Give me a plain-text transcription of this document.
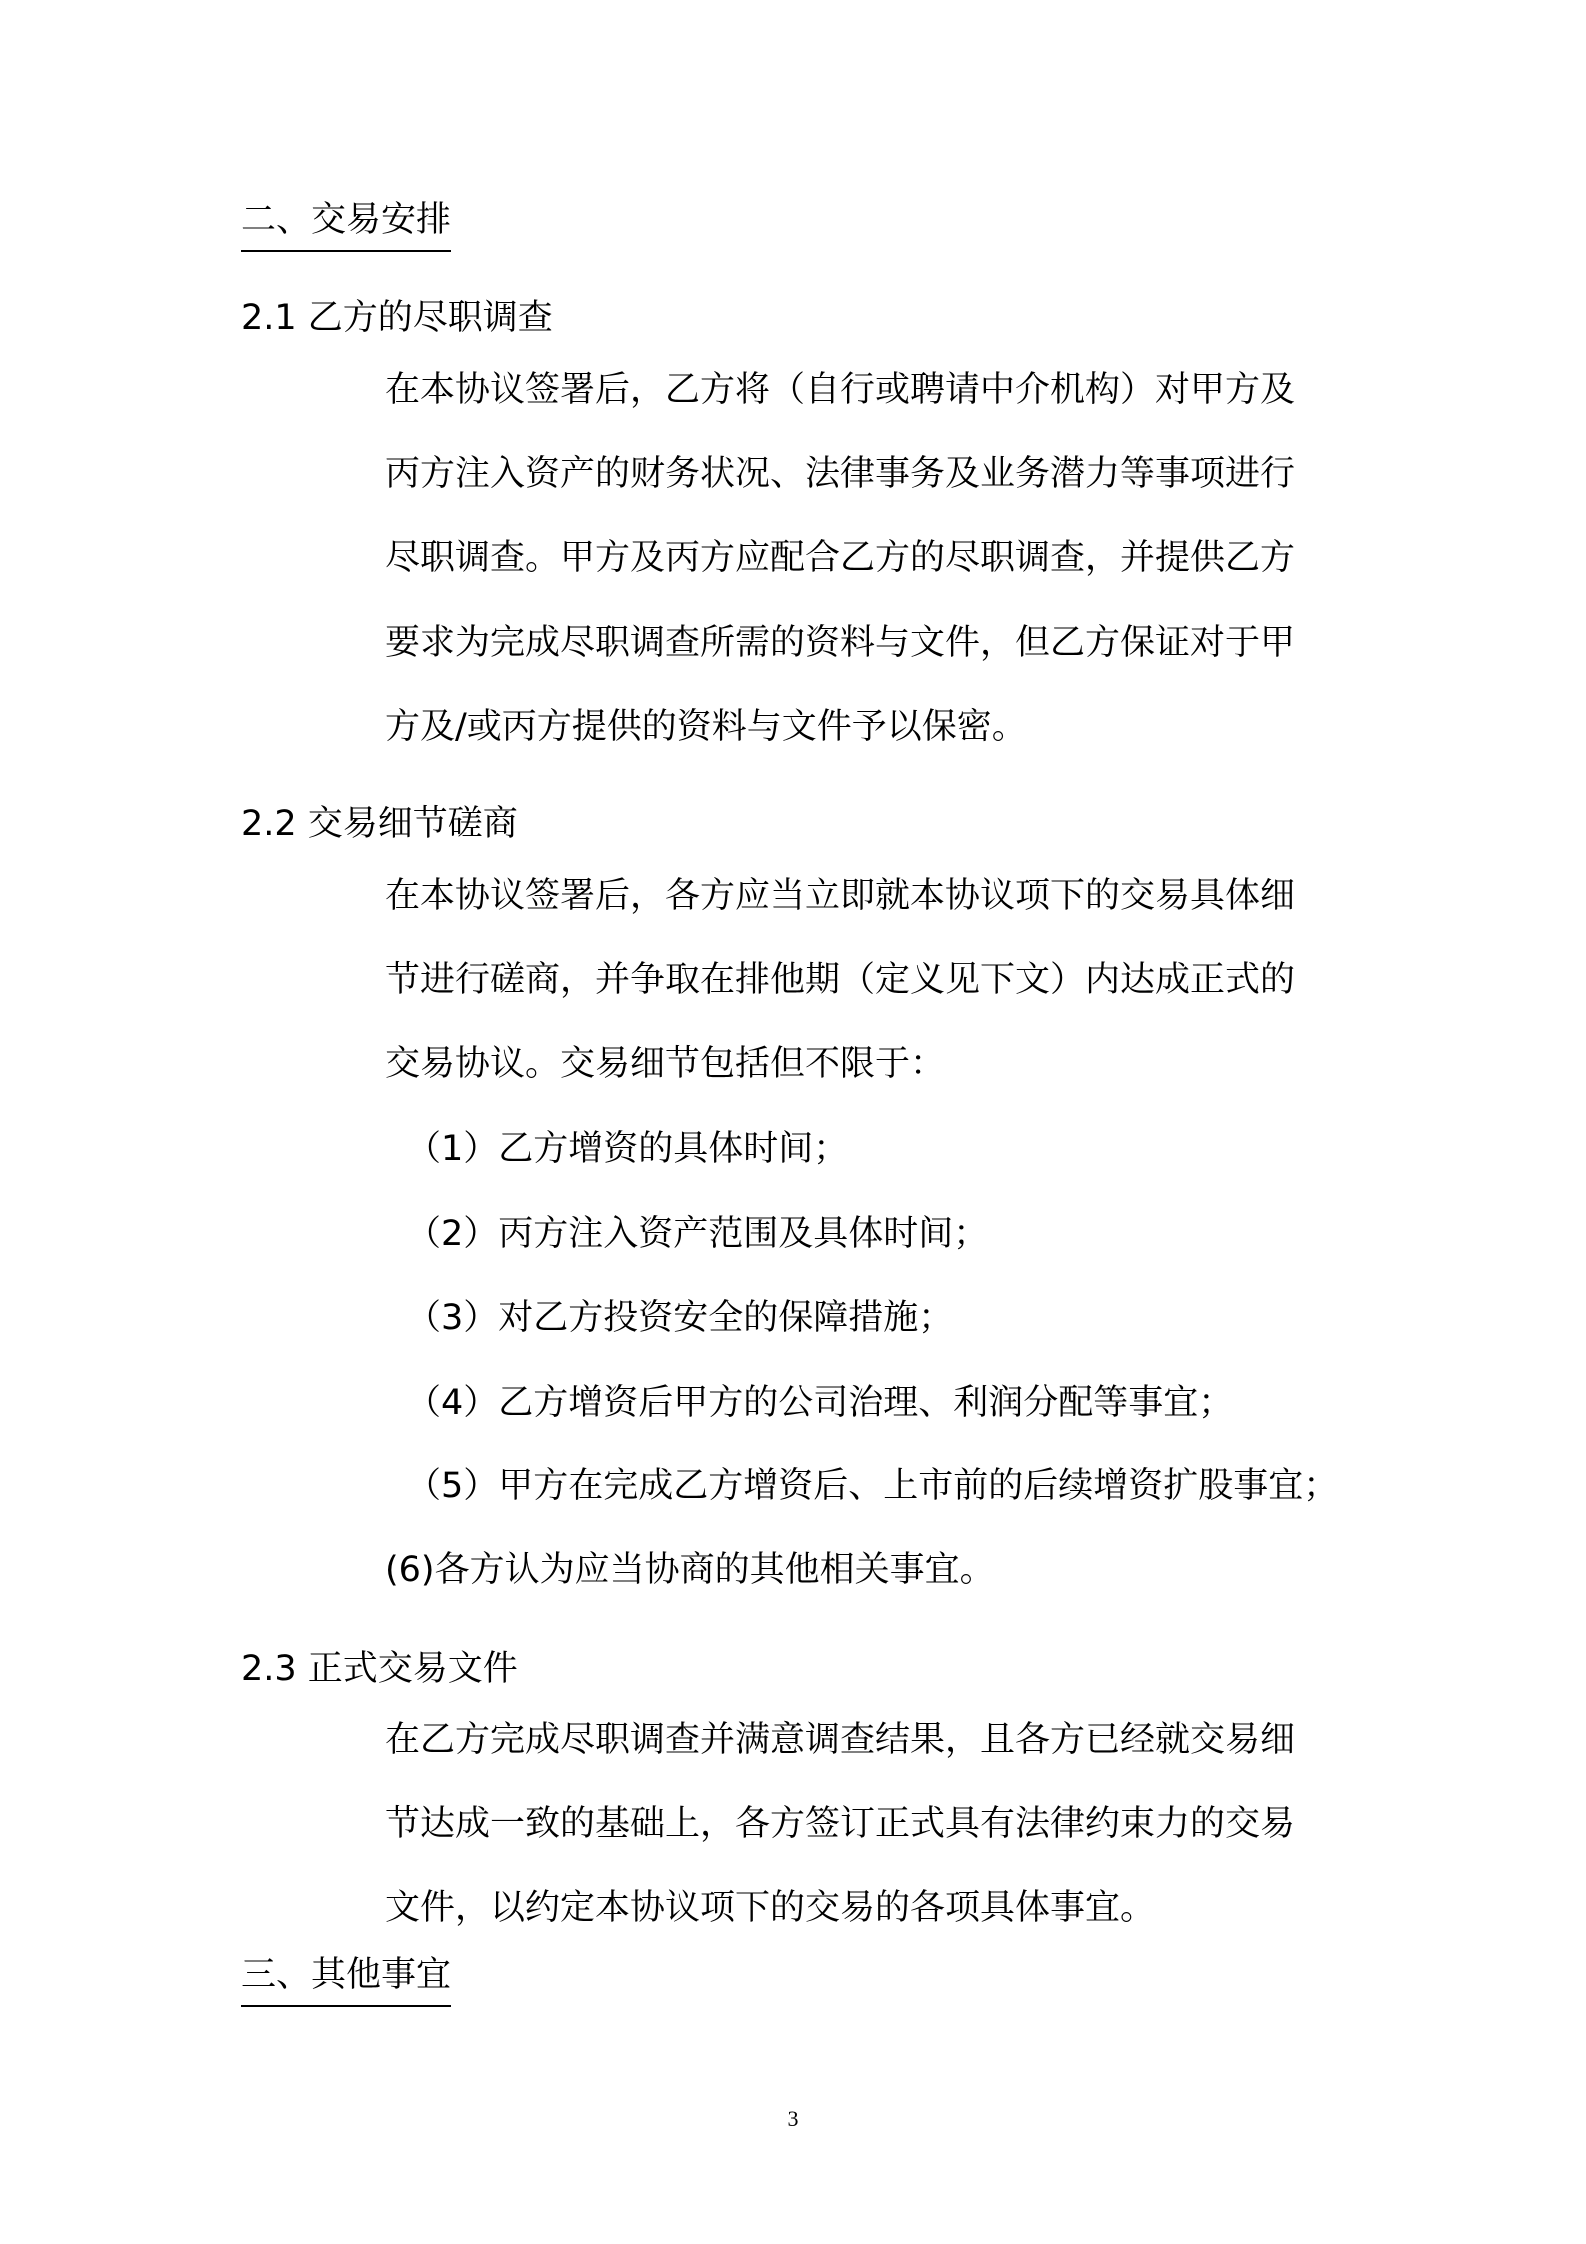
二、交易安排
2.1 乙方的尽职调查
在本协议签署后，乙方将（自行或聘请中介机构）对甲方及
丙方注入资产的财务状况、法律事务及业务潜力等事项进行
尽职调查。甲方及丙方应配合乙方的尽职调查，并提供乙方
要求为完成尽职调查所需的资料与文件，但乙方保证对于甲
方及/或丙方提供的资料与文件予以保密。
2.2 交易细节磋商
在本协议签署后，各方应当立即就本协议项下的交易具体细
节进行磋商，并争取在排他期（定义见下文）内达成正式的
交易协议。交易细节包括但不限于：
（1）乙方增资的具体时间；
（2）丙方注入资产范围及具体时间；
（3）对乙方投资安全的保障措施；
（4）乙方增资后甲方的公司治理、利润分配等事宜；
（5）甲方在完成乙方增资后、上市前的后续增资扩股事宜；
(6)各方认为应当协商的其他相关事宜。
2.3 正式交易文件
在乙方完成尽职调查并满意调查结果，且各方已经就交易细
节达成一致的基础上，各方签订正式具有法律约束力的交易
文件，以约定本协议项下的交易的各项具体事宜。
三、其他事宜
3
